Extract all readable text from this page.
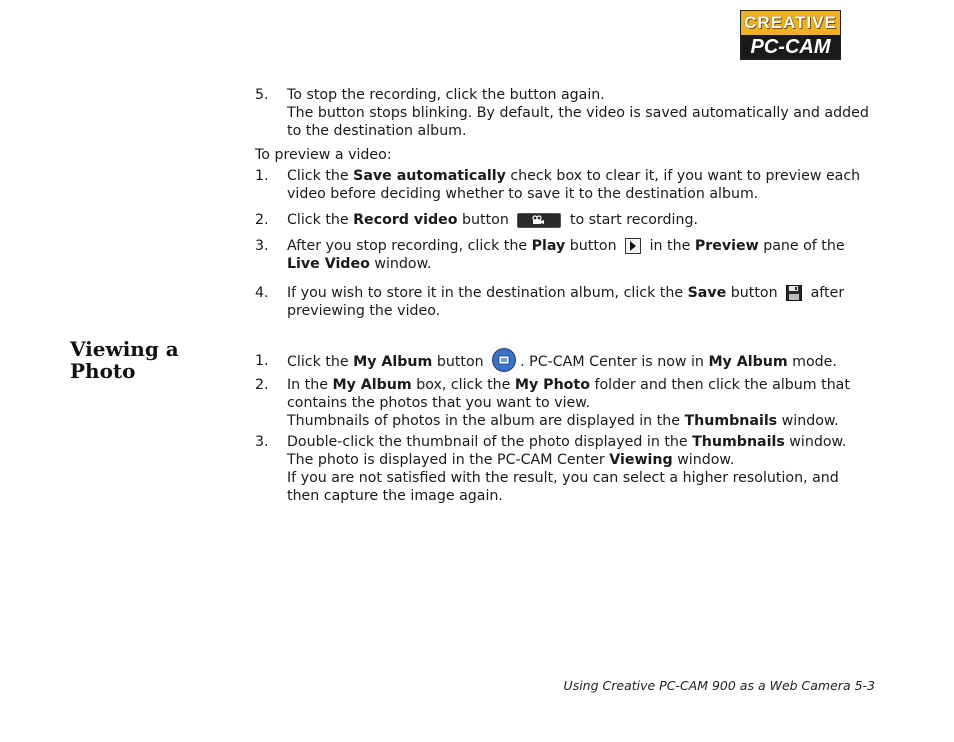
CREATIVE
PC-CAM
5. To stop the recording, click the button again.
The button stops blinking. By default, the video is saved automatically and added to the destination album.
To preview a video:
1. Click the Save automatically check box to clear it, if you want to preview each video before deciding whether to save it to the destination album.
2. Click the Record video button	to start recording.
3. After you stop recording, click the Play button
in the Preview pane of the Live Video window.
4. If you wish to store it in the destination album, click the Save button  after previewing the video.
Viewing a Photo	1. Click the My Album button	. PC-CAM Center is now in My Album mode.
2. In the My Album box, click the My Photo folder and then click the album that contains the photos that you want to view.
Thumbnails of photos in the album are displayed in the Thumbnails window.
3. Double-click the thumbnail of the photo displayed in the Thumbnails window.
The photo is displayed in the PC-CAM Center Viewing window.
If you are not satisfied with the result, you can select a higher resolution, and then capture the image again.
Using Creative PC-CAM 900 as a Web Camera 5-3
